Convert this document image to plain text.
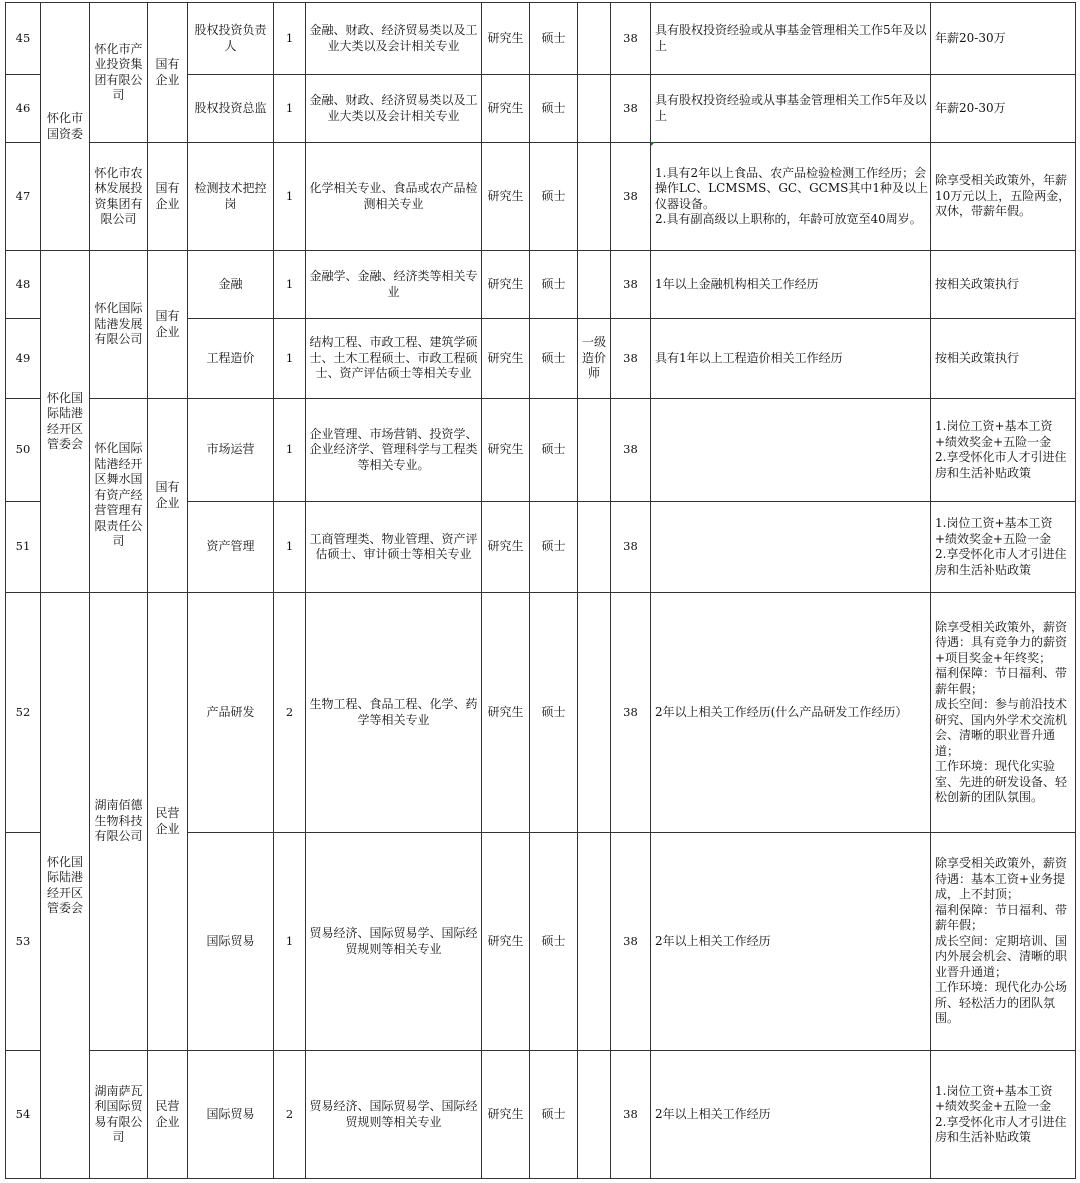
45	怀化市国资委	怀化市产业投资集团有限公司	国有企业	股权投资负责人	1	金融、财政、经济贸易类以及工业大类以及会计相关专业	研究生	硕士		38	具有股权投资经验或从事基金管理相关工作5年及以上	年薪20-30万
46				股权投资总监	1	金融、财政、经济贸易类以及工业大类以及会计相关专业	研究生	硕士		38	具有股权投资经验或从事基金管理相关工作5年及以上	年薪20-30万
47		怀化市农林发展投资集团有限公司	国有企业	检测技术把控岗	1	化学相关专业、食品或农产品检测相关专业	研究生	硕士		38	1.具有2年以上食品、农产品检验检测工作经历；会操作LC、LCMSMS、GC、GCMS其中1种及以上仪器设备。
2.具有副高级以上职称的，年龄可放宽至40周岁。	除享受相关政策外，年薪10万元以上，五险两金，双休，带薪年假。
48	怀化国际陆港经开区管委会	怀化国际陆港发展有限公司	国有企业	金融	1	金融学、金融、经济类等相关专业	研究生	硕士		38	1年以上金融机构相关工作经历	按相关政策执行
49				工程造价	1	结构工程、市政工程、建筑学硕士、土木工程硕士、市政工程硕士、资产评估硕士等相关专业	研究生	硕士	一级造价师	38	具有1年以上工程造价相关工作经历	按相关政策执行
50		怀化国际陆港经开区舞水国有资产经营管理有限责任公司	国有企业	市场运营	1	企业管理、市场营销、投资学、企业经济学、管理科学与工程类等相关专业。	研究生	硕士		38		1.岗位工资+基本工资+绩效奖金+五险一金
2.享受怀化市人才引进住房和生活补贴政策

51				资产管理	1	工商管理类、物业管理、资产评估硕士、审计硕士等相关专业	研究生	硕士		38		1.岗位工资+基本工资+绩效奖金+五险一金
2.享受怀化市人才引进住房和生活补贴政策

52	怀化国际陆港经开区管委会	湖南佰德生物科技有限公司	民营企业	产品研发	2	生物工程、食品工程、化学、药学等相关专业	研究生	硕士		38	2年以上相关工作经历(什么产品研发工作经历）	除享受相关政策外，薪资待遇：具有竞争力的薪资+项目奖金+年终奖；
福利保障：节日福利、带薪年假；
成长空间：参与前沿技术研究、国内外学术交流机会、清晰的职业晋升通道；
工作环境：现代化实验室、先进的研发设备、轻松创新的团队氛围。

53				国际贸易	1	贸易经济、国际贸易学、国际经贸规则等相关专业	研究生	硕士		38	2年以上相关工作经历	除享受相关政策外，薪资待遇：基本工资+业务提成，上不封顶；
福利保障：节日福利、带薪年假；
成长空间：定期培训、国内外展会机会、清晰的职业晋升通道；
工作环境：现代化办公场所、轻松活力的团队氛围。

54		湖南萨瓦利国际贸易有限公司	民营企业	国际贸易	2	贸易经济、国际贸易学、国际经贸规则等相关专业	研究生	硕士		38	2年以上相关工作经历	1.岗位工资+基本工资+绩效奖金+五险一金
2.享受怀化市人才引进住房和生活补贴政策
